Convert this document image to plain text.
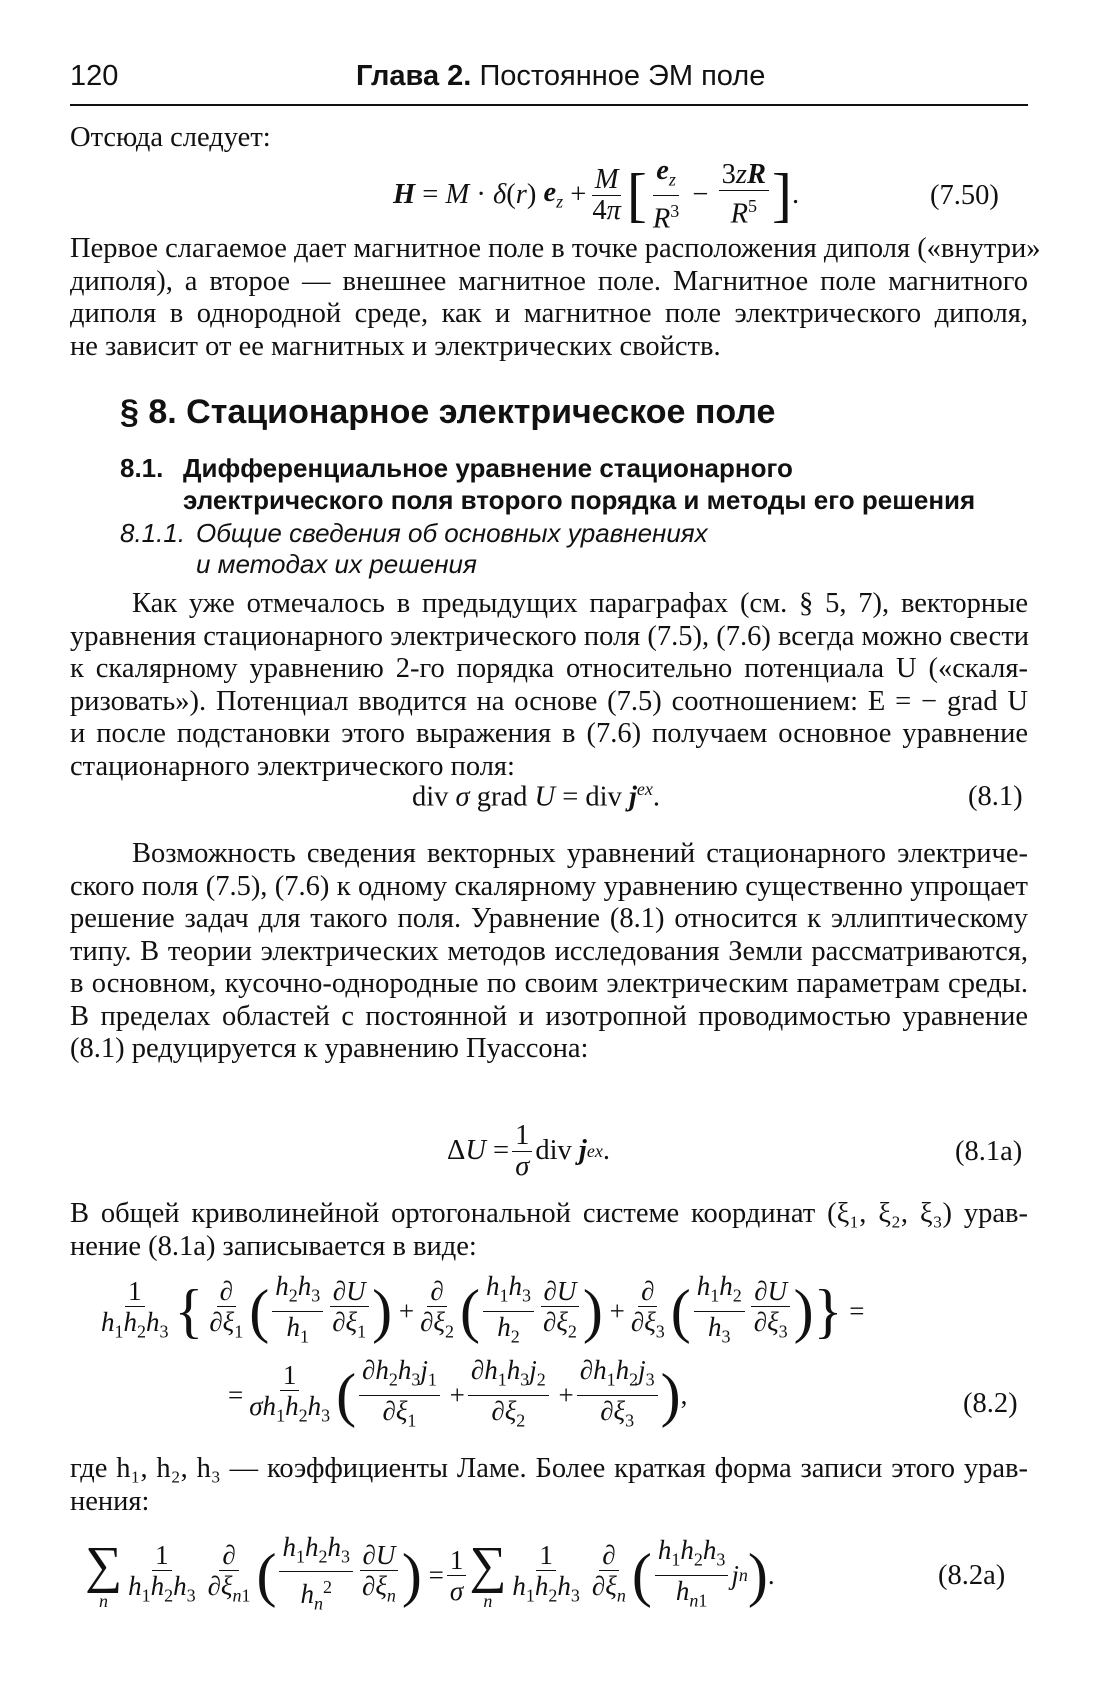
120	Глава 2. Постоянное ЭМ поле
Отсюда следует:
H = M · δ ( r ) $e_z + \frac{M}{4\pi}$ [ $\frac{e_z}{R^3} - \frac{3zR}{R^5}$ ] .	(7.50)
Первое слагаемое дает магнитное поле в точке расположения диполя («внутри»
диполя), а второе — внешнее магнитное поле. Магнитное поле магнитного
диполя в однородной среде, как и магнитное поле электрического диполя,
не зависит от ее магнитных и электрических свойств.
§ 8. Стационарное электрическое поле
8.1. Дифференциальное уравнение стационарного
электрического поля второго порядка и методы его решения
8.1.1. Общие сведения об основных уравнениях
и методах их решения
Как уже отмечалось в предыдущих параграфах (см. § 5, 7), векторные
уравнения стационарного электрического поля (7.5), (7.6) всегда можно свести
к скалярному уравнению 2-го порядка относительно потенциала U («скаля-
ризовать»). Потенциал вводится на основе (7.5) соотношением: E = − grad U
и после подстановки этого выражения в (7.6) получаем основное уравнение
стационарного электрического поля:
div σ grad U = div $j^{ex}$.	(8.1)
Возможность сведения векторных уравнений стационарного электриче-
ского поля (7.5), (7.6) к одному скалярному уравнению существенно упрощает
решение задач для такого поля. Уравнение (8.1) относится к эллиптическому
типу. В теории электрических методов исследования Земли рассматриваются,
в основном, кусочно-однородные по своим электрическим параметрам среды.
В пределах областей с постоянной и изотропной проводимостью уравнение
(8.1) редуцируется к уравнению Пуассона:
Δ $U = \frac{1}{\sigma}$ div j ex .	(8.1a)
В общей криволинейной ортогональной системе координат (ξ₁, ξ₂, ξ₃) урав-
нение (8.1a) записывается в виде:
$\frac{1}{h_1h_2h_3}$ { $\frac{\partial}{\partial\xi_1}$ ( $\frac{h_2h_3}{h_1} \frac{\partial U}{\partial\xi_1}$ ) + $\frac{\partial}{\partial\xi_2}$ ( $\frac{h_1h_3}{h_2} \frac{\partial U}{\partial\xi_2}$ ) + $\frac{\partial}{\partial\xi_3}$ ( $\frac{h_1h_2}{h_3} \frac{\partial U}{\partial\xi_3}$ ) } =
= $\frac{1}{\sigma h_1h_2h_3}$ ( $\frac{\partial h_2h_3j_1}{\partial\xi_1} + \frac{\partial h_1h_3j_2}{\partial\xi_2} + \frac{\partial h_1h_2j_3}{\partial\xi_3}$ ) ,	(8.2)
где h₁, h₂, h₃ — коэффициенты Ламе. Более краткая форма записи этого урав-
нения:
∑
n $\frac{1}{h_1h_2h_3} \frac{\partial}{\partial\xi_{n1}}$ ( $\frac{h_1h_2h_3}{h_n^2} \frac{\partial U}{\partial\xi_n}$ ) = $\frac{1}{\sigma}$ ∑
n $\frac{1}{h_1h_2h_3} \frac{\partial}{\partial\xi_n}$ ( $\frac{h_1h_2h_3}{h_{n1}}$ j n ) .	(8.2a)
